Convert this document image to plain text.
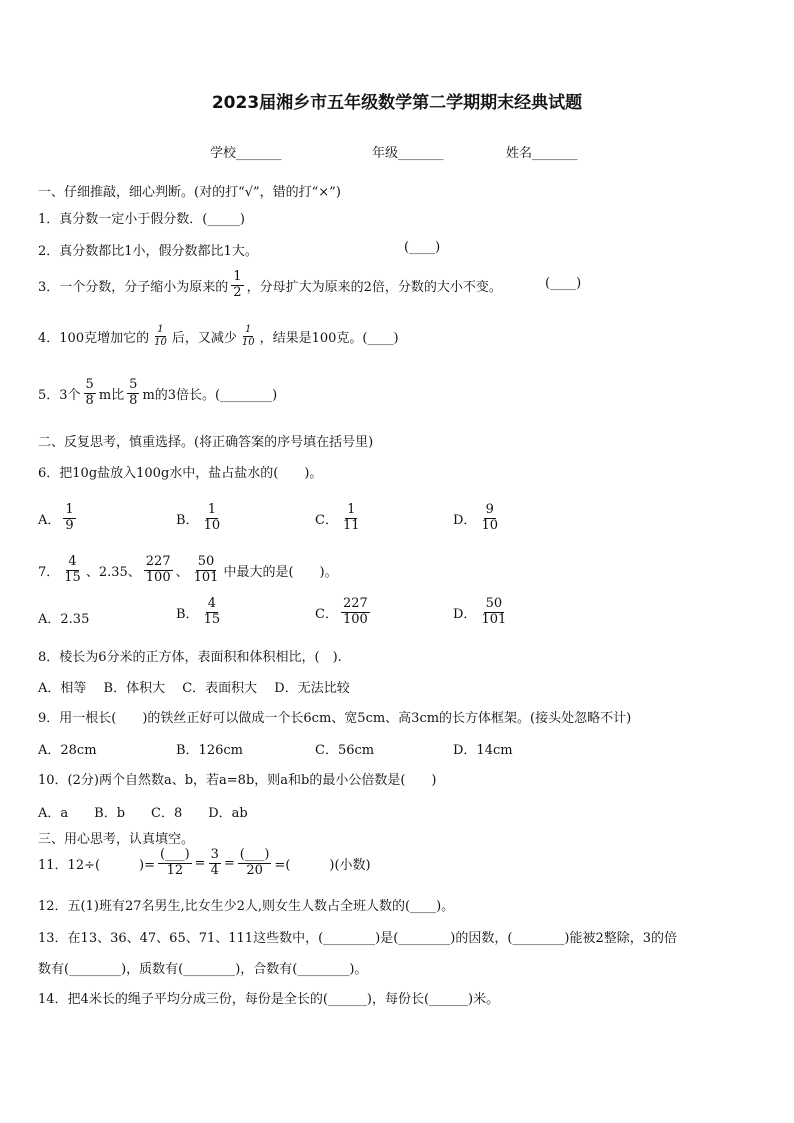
2023届湘乡市五年级数学第二学期期末经典试题
学校_______	年级_______	姓名_______
一、仔细推敲，细心判断。(对的打“√”，错的打“×”)
1．真分数一定小于假分数．(_____)
2．真分数都比1小，假分数都比1大。	(____)
3．一个分数，分子缩小为原来的 $\frac{1}{2}$ ，分母扩大为原来的2倍，分数的大小不变。	(____)
4．100克增加它的 $\frac{1}{10}$ 后，又减少 $\frac{1}{10}$ ，结果是100克。(____)
5．3个 $\frac{5}{8}$ m比 $\frac{5}{8}$ m的3倍长。(________)
二、反复思考，慎重选择。(将正确答案的序号填在括号里)
6．把10g盐放入100g水中，盐占盐水的(　　)。
A． $\frac{1}{9}$	B． $\frac{1}{10}$	C． $\frac{1}{11}$	D． $\frac{9}{10}$
7． $\frac{4}{15}$ 、2.35、 $\frac{227}{100}$ 、 $\frac{50}{101}$ 中最大的是(　　)。
A．2.35	B． $\frac{4}{15}$	C． $\frac{227}{100}$	D． $\frac{50}{101}$
8．棱长为6分米的正方体，表面积和体积相比，(　).
A．相等　 B．体积大　 C．表面积大　 D．无法比较
9．用一根长(　　)的铁丝正好可以做成一个长6cm、宽5cm、高3cm的长方体框架。(接头处忽略不计)
A．28cm	B．126cm	C．56cm	D．14cm
10．(2分)两个自然数a、b，若a=8b，则a和b的最小公倍数是(　　)
A．a　　B．b　　C．8　　D．ab
三、用心思考，认真填空。
11．12÷(　　　)= $\frac{(\_\_\_)}{12} = \frac{3}{4} = \frac{(\_\_\_)}{20}$ =(　　　)(小数)
12．五(1)班有27名男生,比女生少2人,则女生人数占全班人数的(____)。
13．在13、36、47、65、71、111这些数中，(________)是(________)的因数，(________)能被2整除，3的倍
数有(________)，质数有(________)，合数有(________)。
14．把4米长的绳子平均分成三份，每份是全长的(______)，每份长(______)米。
